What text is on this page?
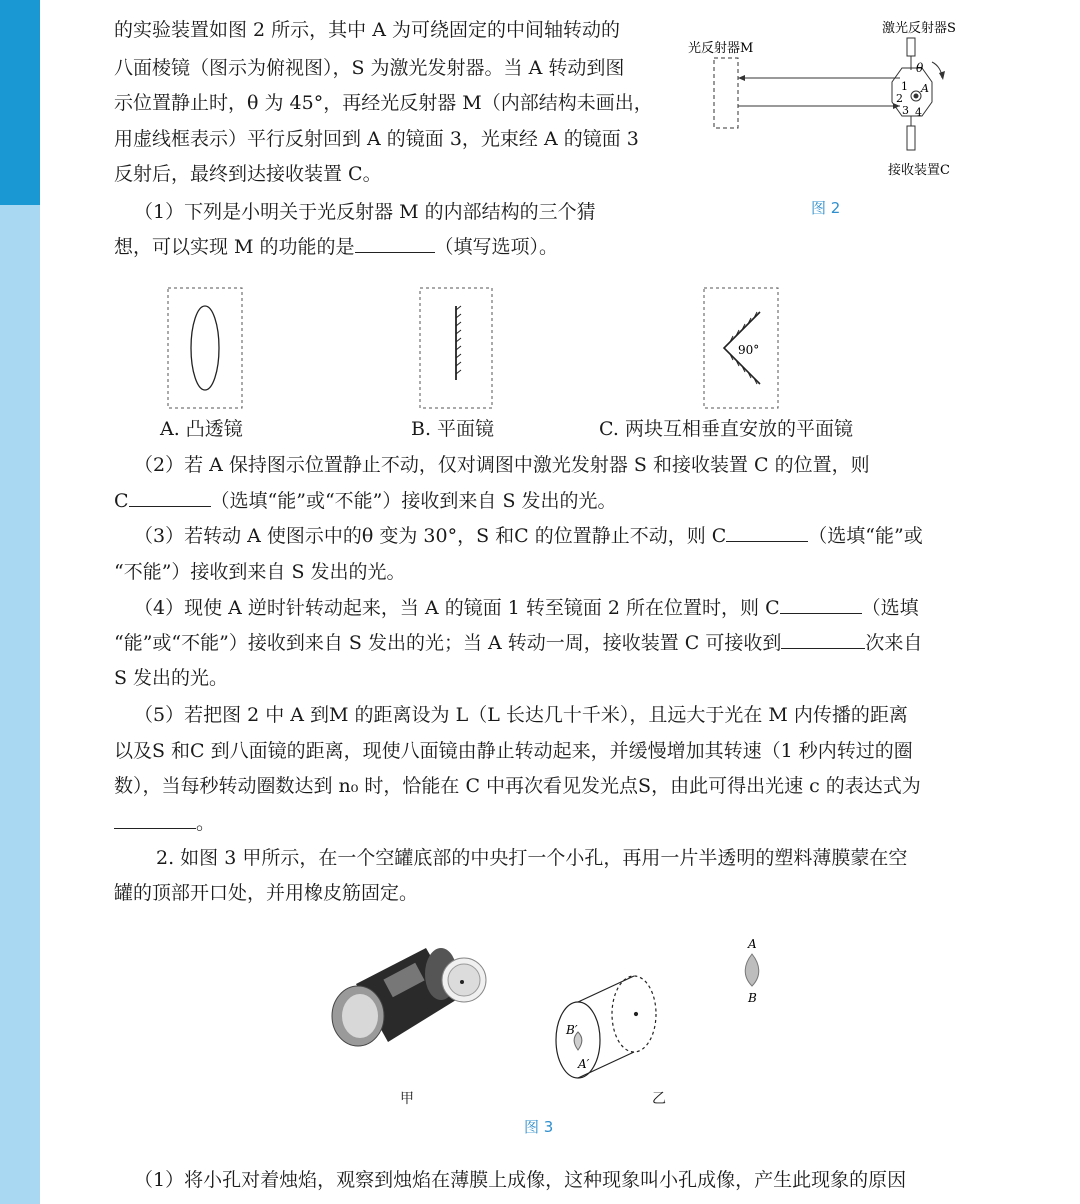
的实验装置如图 2 所示，其中 A 为可绕固定的中间轴转动的
八面棱镜（图示为俯视图），S 为激光发射器。当 A 转动到图
示位置静止时，θ 为 45°，再经光反射器 M（内部结构未画出，
用虚线框表示）平行反射回到 A 的镜面 3，光束经 A 的镜面 3
反射后，最终到达接收装置 C。
（1）下列是小明关于光反射器 M 的内部结构的三个猜
想，可以实现 M 的功能的是	（填写选项）。
光反射器M
激光反射器S
接收装置C
θ
A
1
2
3 4
图 2
90°
A. 凸透镜	B. 平面镜	C. 两块互相垂直安放的平面镜
（2）若 A 保持图示位置静止不动，仅对调图中激光发射器 S 和接收装置 C 的位置，则
C	（选填“能”或“不能”）接收到来自 S 发出的光。
（3）若转动 A 使图示中的θ 变为 30°，S 和C 的位置静止不动，则 C	（选填“能”或
“不能”）接收到来自 S 发出的光。
（4）现使 A 逆时针转动起来，当 A 的镜面 1 转至镜面 2 所在位置时，则 C	（选填
“能”或“不能”）接收到来自 S 发出的光；当 A 转动一周，接收装置 C 可接收到	次来自
S 发出的光。
（5）若把图 2 中 A 到M 的距离设为 L（L 长达几十千米），且远大于光在 M 内传播的距离
以及S 和C 到八面镜的距离，现使八面镜由静止转动起来，并缓慢增加其转速（1 秒内转过的圈
数），当每秒转动圈数达到 n₀ 时，恰能在 C 中再次看见发光点S，由此可得出光速 c 的表达式为
。
2. 如图 3 甲所示，在一个空罐底部的中央打一个小孔，再用一片半透明的塑料薄膜蒙在空
罐的顶部开口处，并用橡皮筋固定。
A
B
B′
A′
甲	乙
图 3
（1）将小孔对着烛焰，观察到烛焰在薄膜上成像，这种现象叫小孔成像，产生此现象的原因
